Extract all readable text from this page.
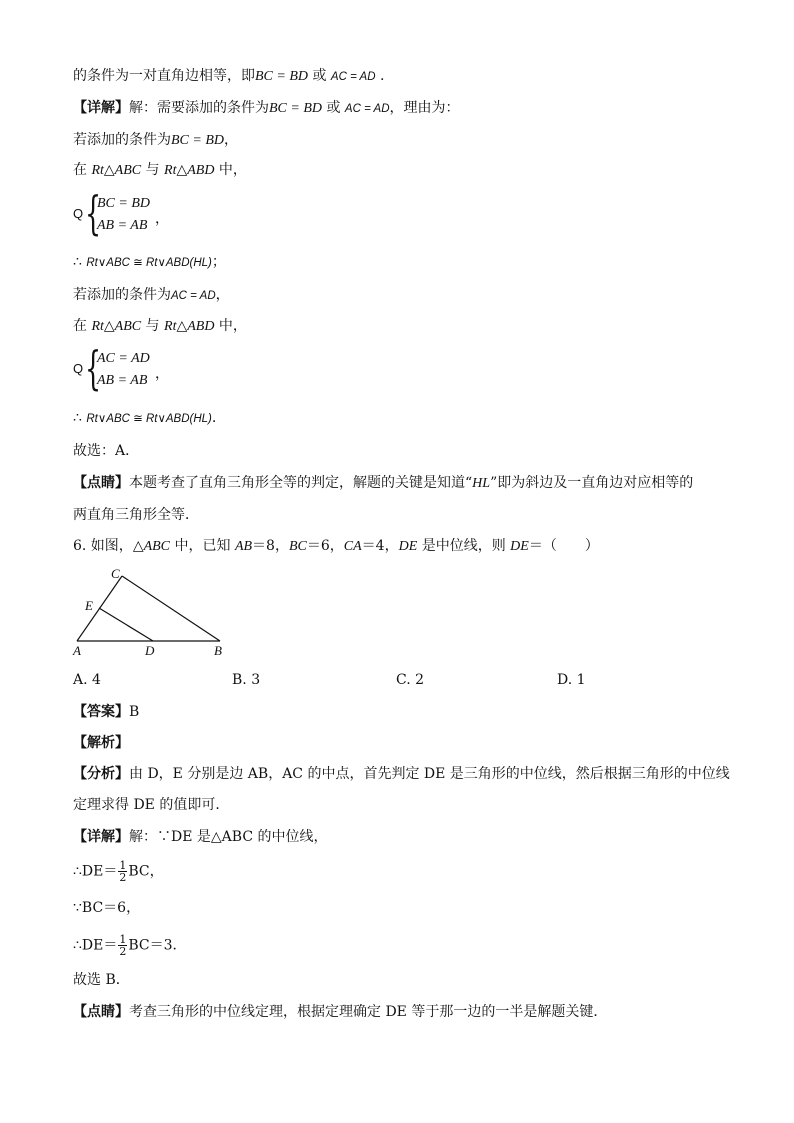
的条件为一对直角边相等，即BC = BD 或 AC = AD .
【详解】解：需要添加的条件为BC = BD 或 AC = AD，理由为：
若添加的条件为BC = BD，
在 Rt△ABC 与 Rt△ABD 中，
Q {
BC = BD
AB = AB ，
∴ Rt∨ABC ≅ Rt∨ABD(HL)；
若添加的条件为AC = AD，
在 Rt△ABC 与 Rt△ABD 中，
Q {
AC = AD
AB = AB ，
∴ Rt∨ABC ≅ Rt∨ABD(HL).
故选：A．
【点睛】本题考查了直角三角形全等的判定，解题的关键是知道“HL”即为斜边及一直角边对应相等的
两直角三角形全等．
6. 如图，△ABC 中，已知 AB＝8，BC＝6，CA＝4，DE 是中位线，则 DE＝（　　）
C
E
A	D	B
A. 4	B. 3	C. 2	D. 1
【答案】B
【解析】
【分析】由 D，E 分别是边 AB，AC 的中点，首先判定 DE 是三角形的中位线，然后根据三角形的中位线
定理求得 DE 的值即可．
【详解】解：∵DE 是△ABC 的中位线，
∴DE＝ $\frac{1}{2}$ BC，
∵BC＝6，
∴DE＝ $\frac{1}{2} BC=3$．
故选 B．
【点睛】考查三角形的中位线定理，根据定理确定 DE 等于那一边的一半是解题关键．
